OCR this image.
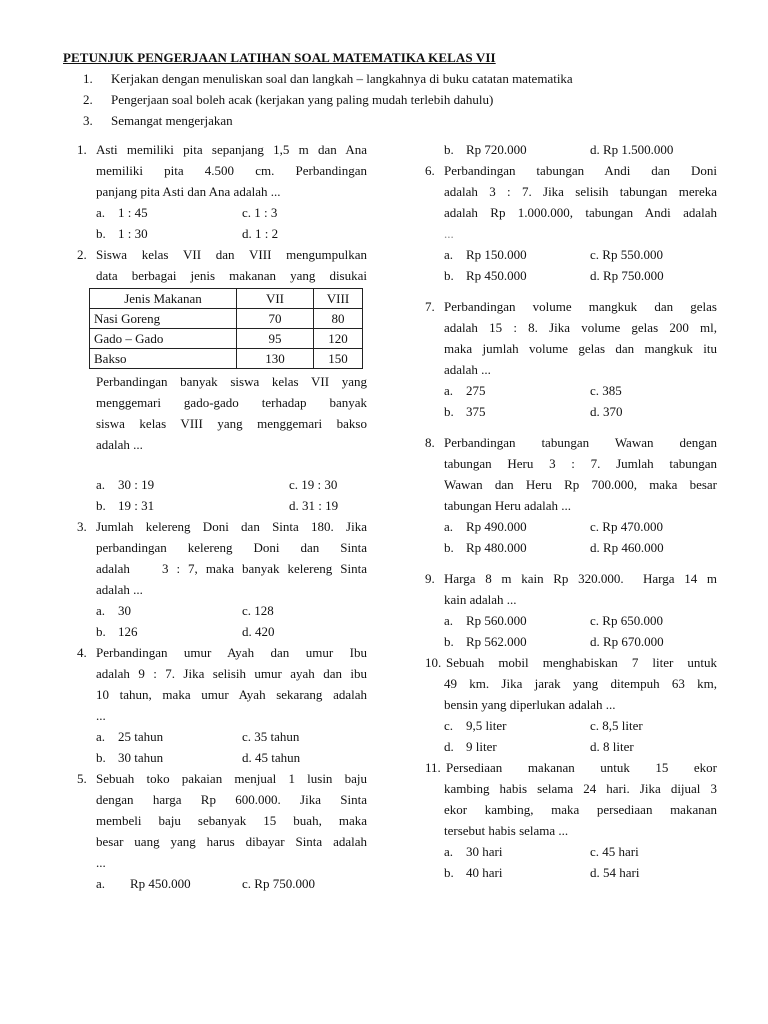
PETUNJUK PENGERJAAN LATIHAN SOAL MATEMATIKA KELAS VII
1.	Kerjakan dengan menuliskan soal dan langkah – langkahnya di buku catatan matematika
2.	Pengerjaan soal boleh acak (kerjakan yang paling mudah terlebih dahulu)
3.	Semangat mengerjakan
1. Asti memiliki pita sepanjang 1,5 m dan Ana
memiliki pita 4.500 cm. Perbandingan
panjang pita Asti dan Ana adalah ...
a. 1 : 45	c. 1 : 3
b. 1 : 30	d. 1 : 2
2. Siswa kelas VII dan VIII mengumpulkan
data berbagai jenis makanan yang disukai
Jenis Makanan	VII	VIII
Nasi Goreng	70	80
Gado – Gado	95	120
Bakso	130	150
Perbandingan banyak siswa kelas VII yang
menggemari gado-gado terhadap banyak
siswa kelas VIII yang menggemari bakso
adalah ...
a. 30 : 19	c. 19 : 30
b. 19 : 31	d. 31 : 19
3. Jumlah kelereng Doni dan Sinta 180. Jika
perbandingan kelereng Doni dan Sinta
adalah    3 : 7, maka banyak kelereng Sinta
adalah ...
a. 30	c. 128
b. 126	d. 420
4. Perbandingan umur Ayah dan umur Ibu
adalah 9 : 7. Jika selisih umur ayah dan ibu
10 tahun, maka umur Ayah sekarang adalah
...
a. 25 tahun	c. 35 tahun
b. 30 tahun	d. 45 tahun
5. Sebuah toko pakaian menjual 1 lusin baju
dengan harga Rp 600.000. Jika Sinta
membeli baju sebanyak 15 buah, maka
besar uang yang harus dibayar Sinta adalah
...
a.	Rp 450.000	c. Rp 750.000
b. Rp 720.000	d. Rp 1.500.000
6. Perbandingan tabungan Andi dan Doni
adalah 3 : 7. Jika selisih tabungan mereka
adalah Rp 1.000.000, tabungan Andi adalah
...
a. Rp 150.000	c. Rp 550.000
b. Rp 450.000	d. Rp 750.000
7. Perbandingan volume mangkuk dan gelas
adalah 15 : 8. Jika volume gelas 200 ml,
maka jumlah volume gelas dan mangkuk itu
adalah ...
a. 275	c. 385
b. 375	d. 370
8. Perbandingan tabungan Wawan dengan
tabungan Heru 3 : 7. Jumlah tabungan
Wawan dan Heru Rp 700.000, maka besar
tabungan Heru adalah ...
a. Rp 490.000	c. Rp 470.000
b. Rp 480.000	d. Rp 460.000
9. Harga 8 m kain Rp 320.000.  Harga 14 m
kain adalah ...
a. Rp 560.000	c. Rp 650.000
b. Rp 562.000	d. Rp 670.000
10. Sebuah mobil menghabiskan 7 liter untuk
49 km. Jika jarak yang ditempuh 63 km,
bensin yang diperlukan adalah ...
c. 9,5 liter	c. 8,5 liter
d. 9 liter	d. 8 liter
11. Persediaan makanan untuk 15 ekor
kambing habis selama 24 hari. Jika dijual 3
ekor kambing, maka persediaan makanan
tersebut habis selama ...
a. 30 hari	c. 45 hari
b. 40 hari	d. 54 hari
